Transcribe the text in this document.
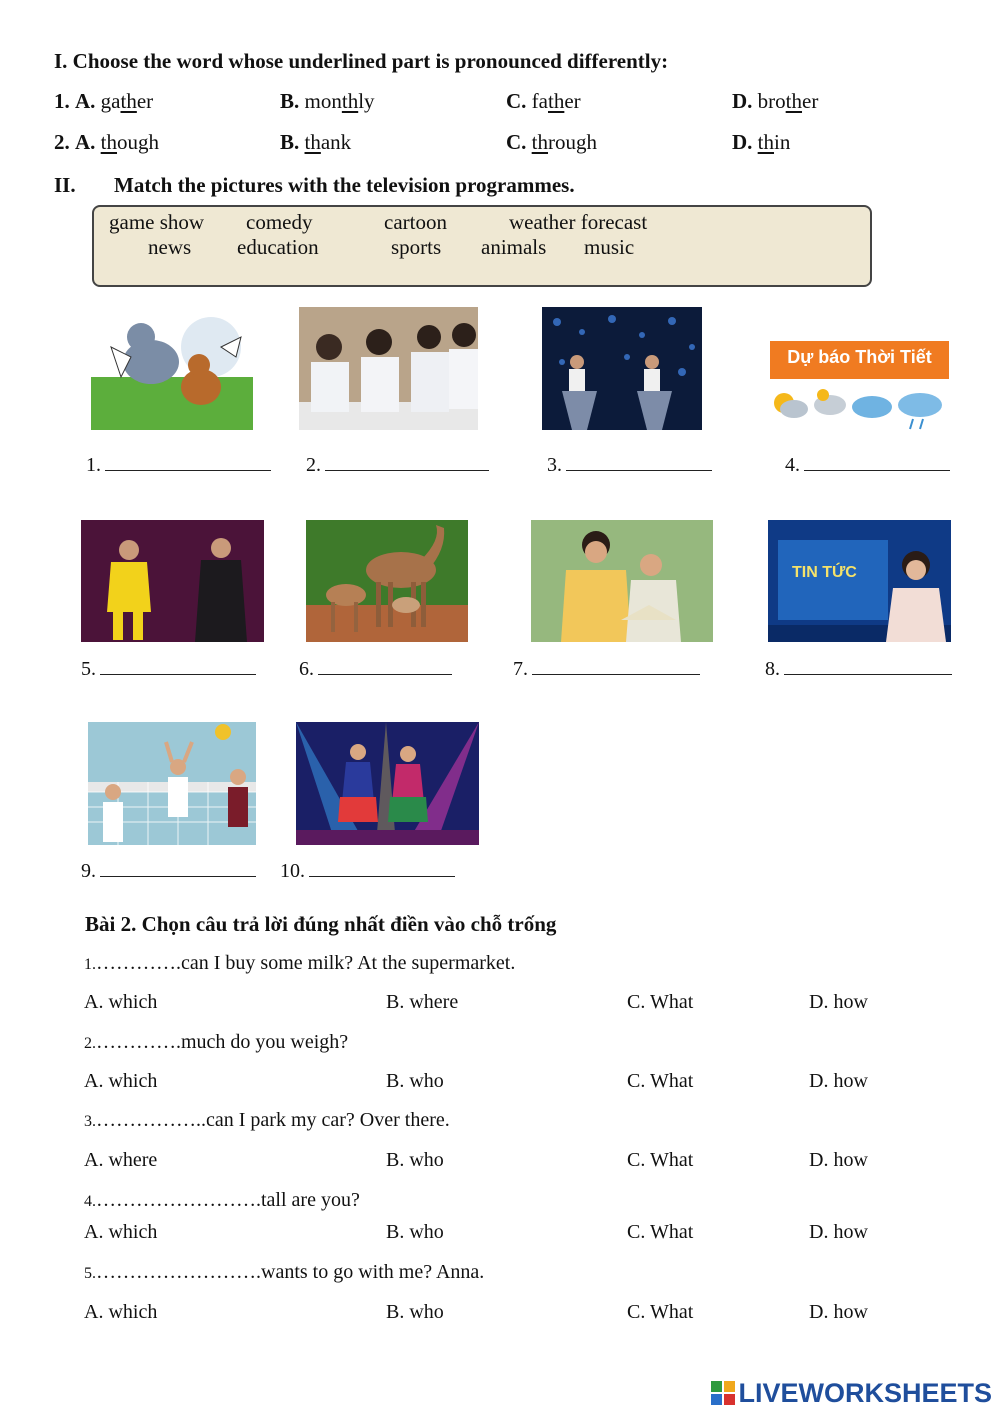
I. Choose the word whose underlined part is pronounced differently:
1. A. gather	B. monthly	C. father	D. brother
2. A. though	B. thank	C. through	D. thin
II. Match the pictures with the television programmes.
game show comedy	cartoon	weather forecast
news education	sports animals music
Dự báo Thời Tiết
1.	2.	3.	4.
TIN TỨC
5.	6.	7.	8.
9.	10.
Bài 2. Chọn câu trả lời đúng nhất điền vào chỗ trống
1.………….can I buy some milk? At the supermarket.
A. which	B. where	C. What	D. how
2.………….much do you weigh?
A. which	B. who	C. What	D. how
3.……………..can I park my car? Over there.
A. where	B. who	C. What	D. how
4.…………………….tall are you?
A. which	B. who	C. What	D. how
5.…………………….wants to go with me? Anna.
A. which	B. who	C. What	D. how
LIVEWORKSHEETS
